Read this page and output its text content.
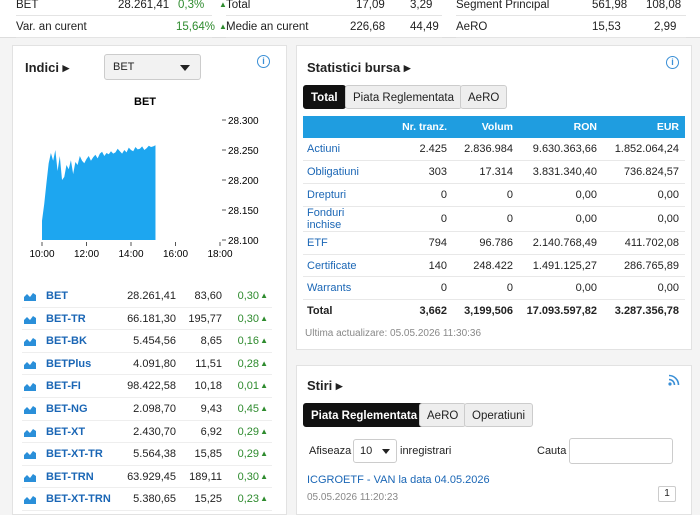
BET	28.261,41 0,3% ▲
Var. an curent	15,64% ▲
Total	17,09 3,29
Medie an curent	226,68 44,49
Segment Principal	561,98 108,08
AeRO	15,53	2,99
Indici ▸	BET	i
BET
28.300
28.250
28.200
28.150
28.100
10:00 12:00 14:00 16:00 18:00
BET	28.261,41 83,60 0,30 ▲
BET-TR	66.181,30 195,77 0,30 ▲
BET-BK	5.454,56 8,65 0,16 ▲
BETPlus	4.091,80 11,51 0,28 ▲
BET-FI	98.422,58 10,18 0,01 ▲
BET-NG	2.098,70 9,43 0,45 ▲
BET-XT	2.430,70 6,92 0,29 ▲
BET-XT-TR	5.564,38 15,85 0,29 ▲
BET-TRN	63.929,45 189,11 0,30 ▲
BET-XT-TRN 5.380,65 15,25 0,23 ▲
Statistici bursa ▸	i
Total	Piata Reglementata	AeRO
	Nr. tranz.	Volum	RON	EUR
Actiuni	2.425	2.836.984	9.630.363,66	1.852.064,24
Obligatiuni	303	17.314	3.831.340,40	736.824,57
Drepturi	0	0	0,00	0,00
Fonduri inchise	0	0	0,00	0,00
ETF	794	96.786	2.140.768,49	411.702,08
Certificate	140	248.422	1.491.125,27	286.765,89
Warrants	0	0	0,00	0,00
Total	3,662	3,199,506	17.093.597,82	3.287.356,78
Ultima actualizare: 05.05.2026 11:30:36
Stiri ▸
Piata Reglementata AeRO	Operatiuni
Afiseaza 10	inregistrari	Cauta
ICGROETF - VAN la data 04.05.2026
05.05.2026 11:20:23	1
